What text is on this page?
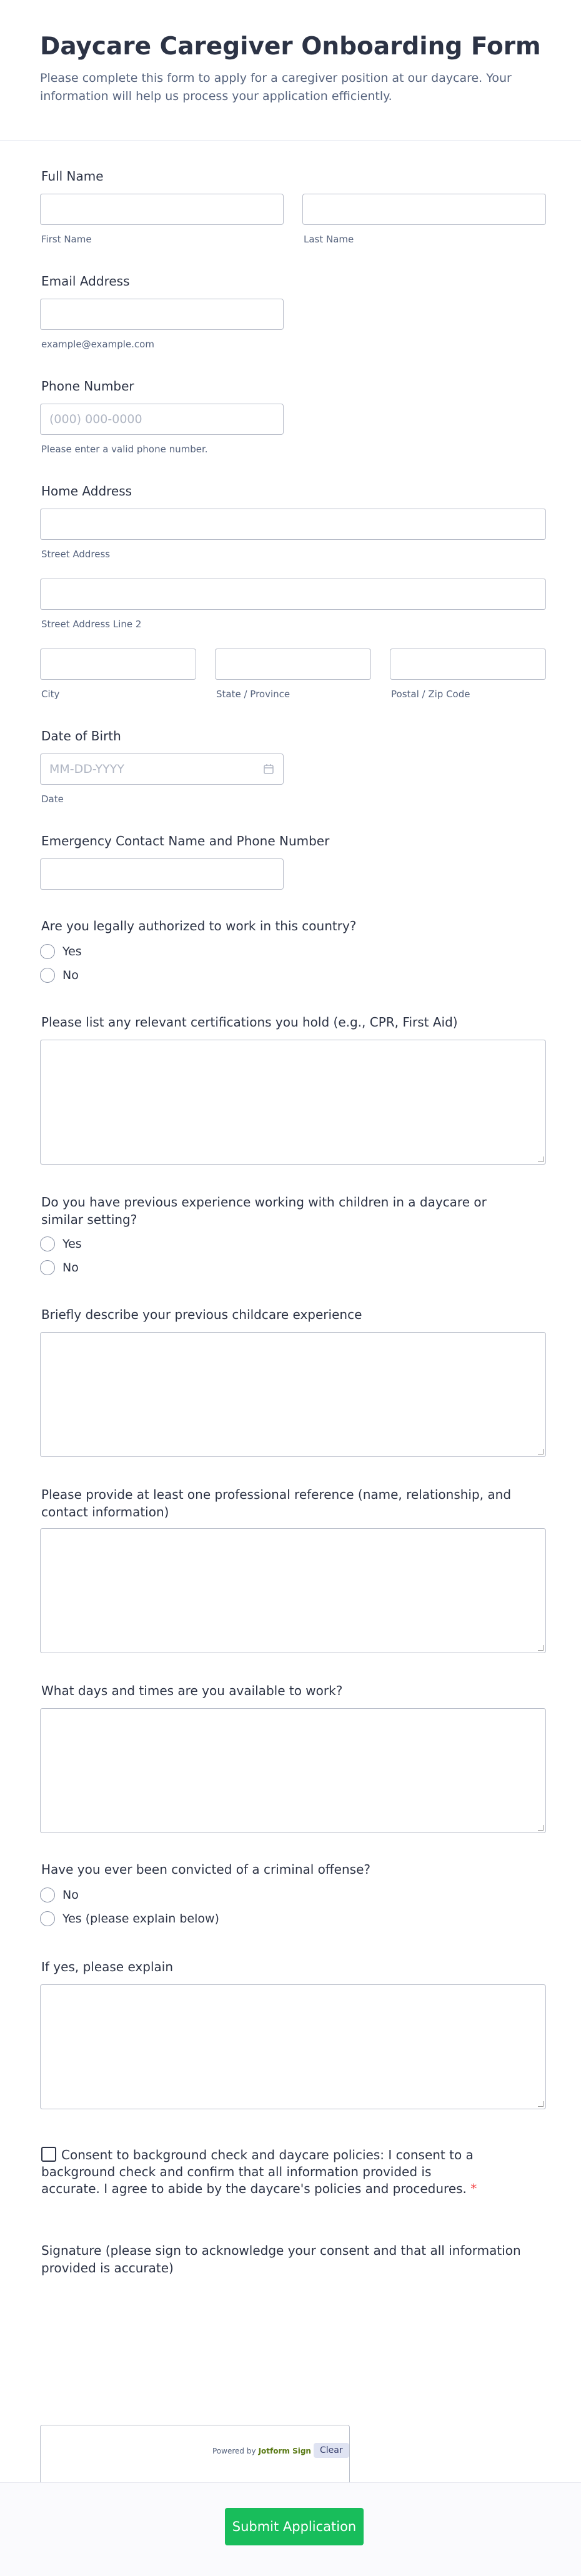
Daycare Caregiver Onboarding Form

Please complete this form to apply for a caregiver position at our daycare. Your information will help us process your application efficiently.

Full Name
First Name	Last Name
Email Address
example@example.com
Phone Number
(000) 000-0000
Please enter a valid phone number.
Home Address
Street Address
Street Address Line 2
City	State / Province	Postal / Zip Code
Date of Birth
MM-DD-YYYY
Date
Emergency Contact Name and Phone Number
Are you legally authorized to work in this country?
Yes
No
Please list any relevant certifications you hold (e.g., CPR, First Aid)
Do you have previous experience working with children in a daycare or similar setting?
Yes
No
Briefly describe your previous childcare experience
Please provide at least one professional reference (name, relationship, and contact information)
What days and times are you available to work?
Have you ever been convicted of a criminal offense?
No
Yes (please explain below)
If yes, please explain
Consent to background check and daycare policies: I consent to a background check and confirm that all information provided is accurate. I agree to abide by the daycare's policies and procedures. *
Signature (please sign to acknowledge your consent and that all information provided is accurate)
Powered by Jotform Sign	Clear
Submit Application
